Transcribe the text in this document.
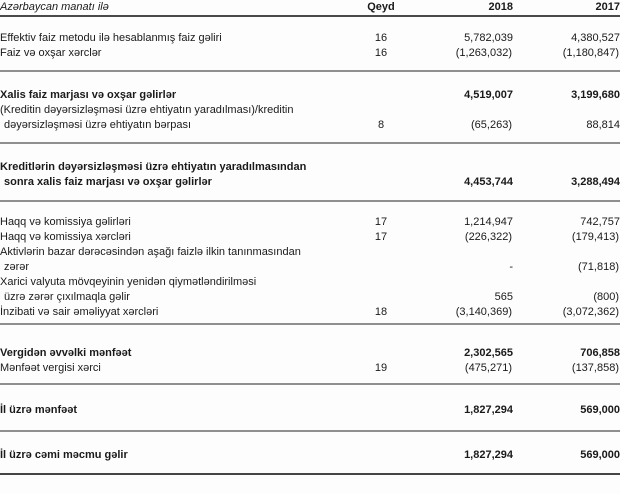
Azərbaycan manatı ilə	Qeyd	2018	2017

Effektiv faiz metodu ilə hesablanmış faiz gəliri	16	5,782,039	4,380,527

Faiz və oxşar xərclər	16	(1,263,032)	(1,180,847)

Xalis faiz marjası və oxşar gəlirlər		4,519,007	3,199,680

(Kreditin dəyərsizləşməsi üzrə ehtiyatın yaradılması)/kreditin
dəyərsizləşməsi üzrə ehtiyatın bərpası	8	(65,263)	88,814

Kreditlərin dəyərsizləşməsi üzrə ehtiyatın yaradılmasından
sonra xalis faiz marjası və oxşar gəlirlər		4,453,744	3,288,494

Haqq və komissiya gəlirləri	17	1,214,947	742,757

Haqq və komissiya xərcləri	17	(226,322)	(179,413)

Aktivlərin bazar dərəcəsindən aşağı faizlə ilkin tanınmasından
zərər		-	(71,818)

Xarici valyuta mövqeyinin yenidən qiymətləndirilməsi
üzrə zərər çıxılmaqla gəlir		565	(800)

İnzibati və sair əməliyyat xərcləri	18	(3,140,369)	(3,072,362)

Vergidən əvvəlki mənfəət		2,302,565	706,858

Mənfəət vergisi xərci	19	(475,271)	(137,858)

İl üzrə mənfəət		1,827,294	569,000

İl üzrə cəmi məcmu gəlir		1,827,294	569,000
